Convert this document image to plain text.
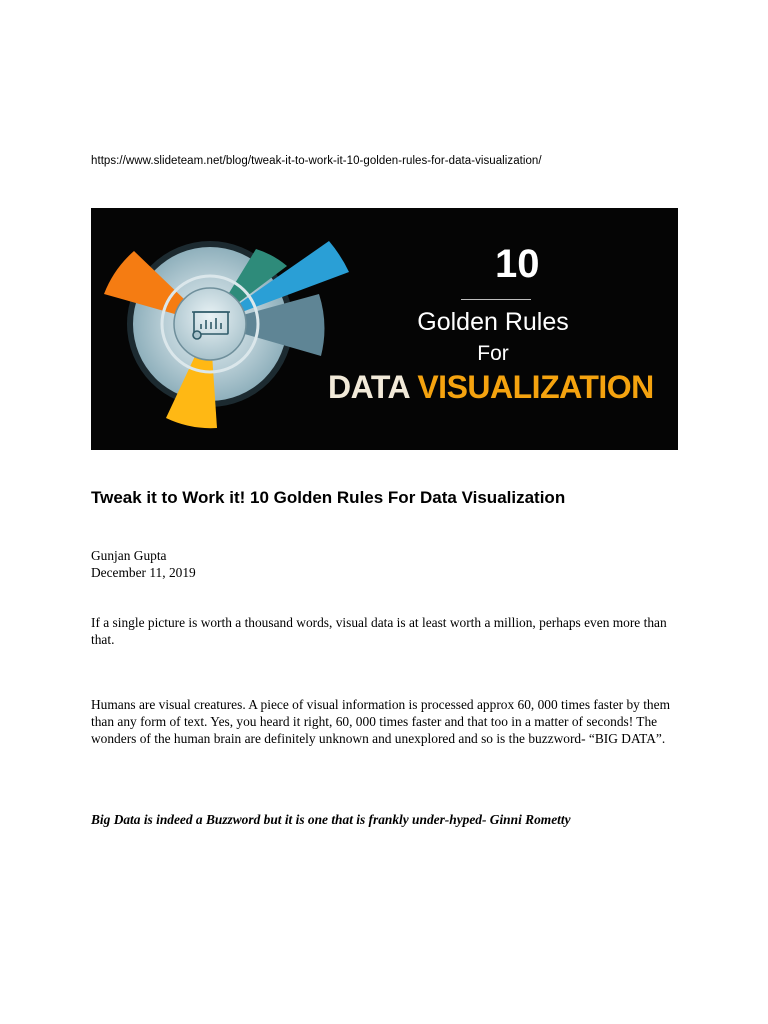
https://www.slideteam.net/blog/tweak-it-to-work-it-10-golden-rules-for-data-visualization/
10
Golden Rules
For
DATA VISUALIZATION
Tweak it to Work it! 10 Golden Rules For Data Visualization
Gunjan Gupta
December 11, 2019
If a single picture is worth a thousand words, visual data is at least worth a million, perhaps even more than that.
Humans are visual creatures. A piece of visual information is processed approx 60, 000 times faster by them than any form of text. Yes, you heard it right, 60, 000 times faster and that too in a matter of seconds! The wonders of the human brain are definitely unknown and unexplored and so is the buzzword- “BIG DATA”.
Big Data is indeed a Buzzword but it is one that is frankly under-hyped- Ginni Rometty
